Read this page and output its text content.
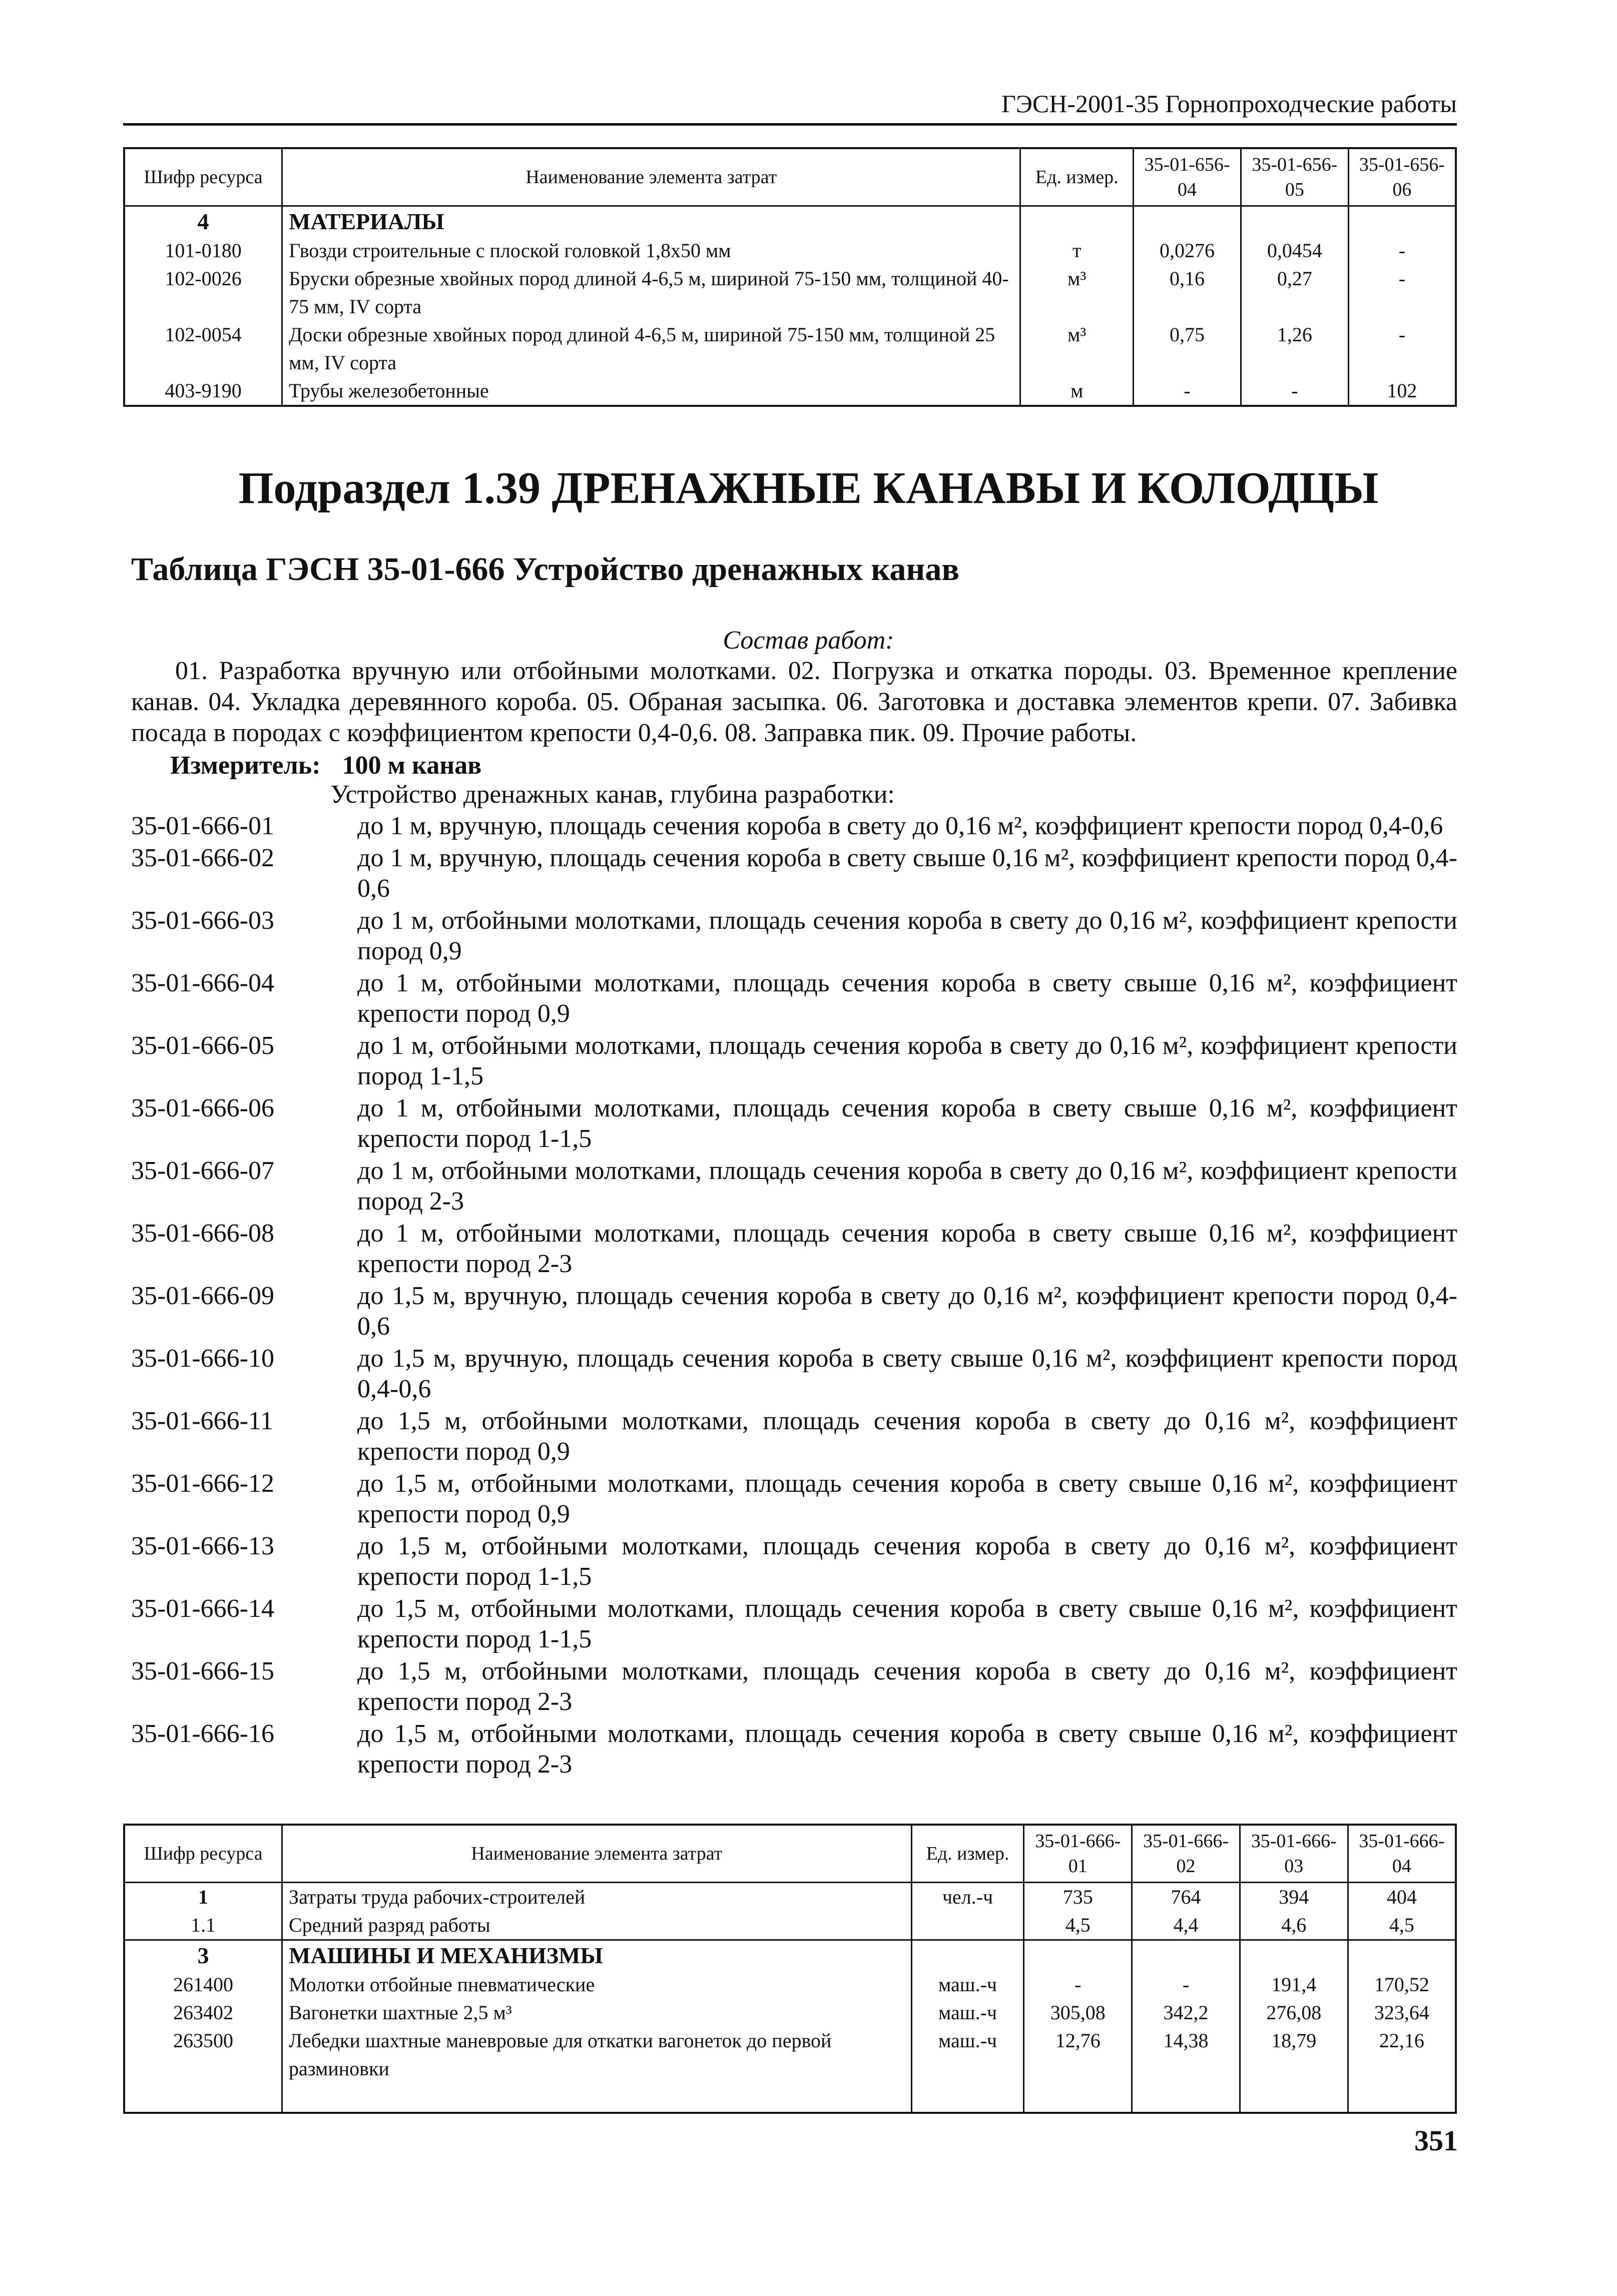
ГЭСН-2001-35 Горнопроходческие работы
Шифр ресурса	Наименование элемента затрат	Ед. измер.	35-01-656-04	35-01-656-05	35-01-656-06
4	МАТЕРИАЛЫ				
101-0180	Гвозди строительные с плоской головкой 1,8х50 мм	т	0,0276	0,0454	-
102-0026	Бруски обрезные хвойных пород длиной 4-6,5 м, шириной 75-150 мм, толщиной 40-75 мм, IV сорта	м³	0,16	0,27	-
102-0054	Доски обрезные хвойных пород длиной 4-6,5 м, шириной 75-150 мм, толщиной 25 мм, IV сорта	м³	0,75	1,26	-
403-9190	Трубы железобетонные	м	-	-	102
Подраздел 1.39 ДРЕНАЖНЫЕ КАНАВЫ И КОЛОДЦЫ
Таблица ГЭСН 35-01-666 Устройство дренажных канав
Состав работ:
01. Разработка вручную или отбойными молотками. 02. Погрузка и откатка породы. 03. Временное крепление канав. 04. Укладка деревянного короба. 05. Обраная засыпка. 06. Заготовка и доставка элементов крепи. 07. Забивка посада в породах с коэффициентом крепости 0,4-0,6. 08. Заправка пик. 09. Прочие работы.
Измеритель: 100 м канав
Устройство дренажных канав, глубина разработки:
35-01-666-01	до 1 м, вручную, площадь сечения короба в свету до 0,16 м², коэффициент крепости пород 0,4-0,6
35-01-666-02	до 1 м, вручную, площадь сечения короба в свету свыше 0,16 м², коэффициент крепости пород 0,4-0,6
35-01-666-03	до 1 м, отбойными молотками, площадь сечения короба в свету до 0,16 м², коэффициент крепости пород 0,9
35-01-666-04	до 1 м, отбойными молотками, площадь сечения короба в свету свыше 0,16 м², коэффициент крепости пород 0,9
35-01-666-05	до 1 м, отбойными молотками, площадь сечения короба в свету до 0,16 м², коэффициент крепости пород 1-1,5
35-01-666-06	до 1 м, отбойными молотками, площадь сечения короба в свету свыше 0,16 м², коэффициент крепости пород 1-1,5
35-01-666-07	до 1 м, отбойными молотками, площадь сечения короба в свету до 0,16 м², коэффициент крепости пород 2-3
35-01-666-08	до 1 м, отбойными молотками, площадь сечения короба в свету свыше 0,16 м², коэффициент крепости пород 2-3
35-01-666-09	до 1,5 м, вручную, площадь сечения короба в свету до 0,16 м², коэффициент крепости пород 0,4-0,6
35-01-666-10	до 1,5 м, вручную, площадь сечения короба в свету свыше 0,16 м², коэффициент крепости пород 0,4-0,6
35-01-666-11	до 1,5 м, отбойными молотками, площадь сечения короба в свету до 0,16 м², коэффициент крепости пород 0,9
35-01-666-12	до 1,5 м, отбойными молотками, площадь сечения короба в свету свыше 0,16 м², коэффициент крепости пород 0,9
35-01-666-13	до 1,5 м, отбойными молотками, площадь сечения короба в свету до 0,16 м², коэффициент крепости пород 1-1,5
35-01-666-14	до 1,5 м, отбойными молотками, площадь сечения короба в свету свыше 0,16 м², коэффициент крепости пород 1-1,5
35-01-666-15	до 1,5 м, отбойными молотками, площадь сечения короба в свету до 0,16 м², коэффициент крепости пород 2-3
35-01-666-16	до 1,5 м, отбойными молотками, площадь сечения короба в свету свыше 0,16 м², коэффициент крепости пород 2-3
Шифр ресурса	Наименование элемента затрат	Ед. измер.	35-01-666-01	35-01-666-02	35-01-666-03	35-01-666-04
1	Затраты труда рабочих-строителей	чел.-ч	735	764	394	404
1.1	Средний разряд работы		4,5	4,4	4,6	4,5
3	МАШИНЫ И МЕХАНИЗМЫ					
261400	Молотки отбойные пневматические	маш.-ч	-	-	191,4	170,52
263402	Вагонетки шахтные 2,5 м³	маш.-ч	305,08	342,2	276,08	323,64
263500	Лебедки шахтные маневровые для откатки вагонеток до первой разминовки	маш.-ч	12,76	14,38	18,79	22,16

351
